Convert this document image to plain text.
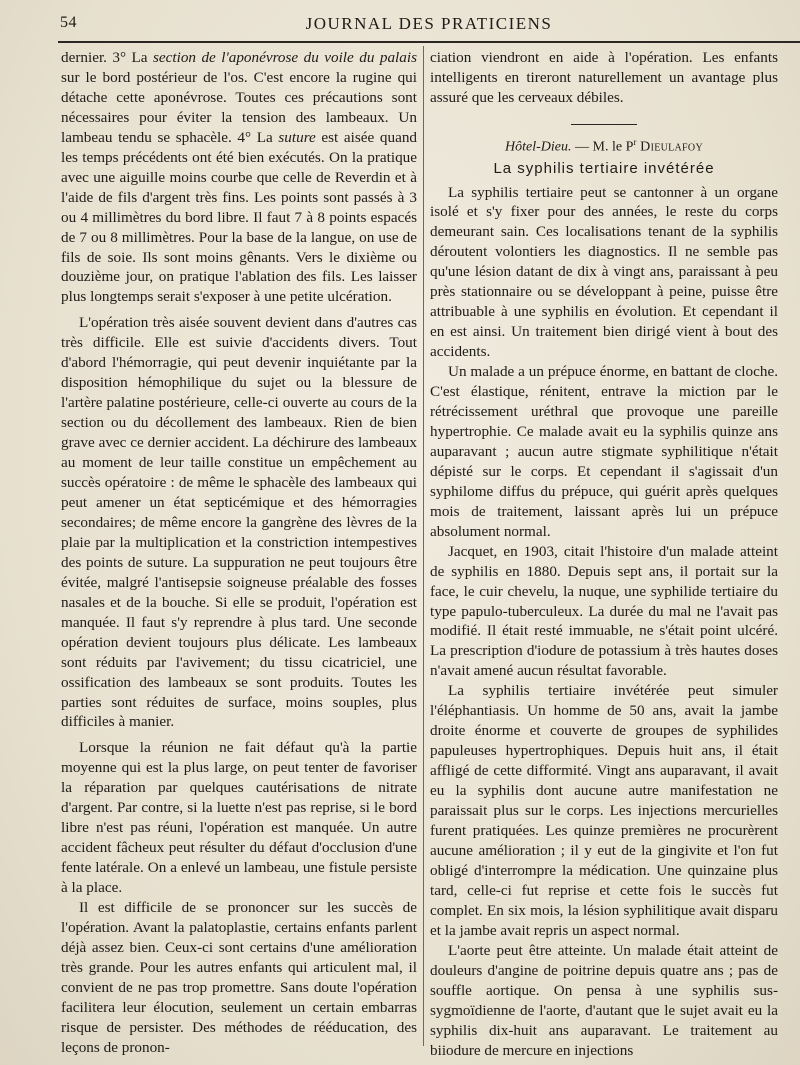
54	JOURNAL DES PRATICIENS

dernier. 3° La section de l'aponévrose du voile du palais sur le bord postérieur de l'os. C'est encore la rugine qui détache cette aponévrose. Toutes ces précautions sont nécessaires pour éviter la tension des lambeaux. Un lambeau tendu se sphacèle. 4° La suture est aisée quand les temps précédents ont été bien exécutés. On la pratique avec une aiguille moins courbe que celle de Reverdin et à l'aide de fils d'argent très fins. Les points sont passés à 3 ou 4 millimètres du bord libre. Il faut 7 à 8 points espacés de 7 ou 8 millimètres. Pour la base de la langue, on use de fils de soie. Ils sont moins gênants. Vers le dixième ou douzième jour, on pratique l'ablation des fils. Les laisser plus longtemps serait s'exposer à une petite ulcération.

L'opération très aisée souvent devient dans d'autres cas très difficile. Elle est suivie d'accidents divers. Tout d'abord l'hémorragie, qui peut devenir inquiétante par la disposition hémophilique du sujet ou la blessure de l'artère palatine postérieure, celle-ci ouverte au cours de la section ou du décollement des lambeaux. Rien de bien grave avec ce dernier accident. La déchirure des lambeaux au moment de leur taille constitue un empêchement au succès opératoire : de même le sphacèle des lambeaux qui peut amener un état septicémique et des hémorragies secondaires; de même encore la gangrène des lèvres de la plaie par la multiplication et la constriction intempestives des points de suture. La suppuration ne peut toujours être évitée, malgré l'antisepsie soigneuse préalable des fosses nasales et de la bouche. Si elle se produit, l'opération est manquée. Il faut s'y reprendre à plus tard. Une seconde opération devient toujours plus délicate. Les lambeaux sont réduits par l'avivement; du tissu cicatriciel, une ossification des lambeaux se sont produits. Toutes les parties sont réduites de surface, moins souples, plus difficiles à manier.

Lorsque la réunion ne fait défaut qu'à la partie moyenne qui est la plus large, on peut tenter de favoriser la réparation par quelques cautérisations de nitrate d'argent. Par contre, si la luette n'est pas reprise, si le bord libre n'est pas réuni, l'opération est manquée. Un autre accident fâcheux peut résulter du défaut d'occlusion d'une fente latérale. On a enlevé un lambeau, une fistule persiste à la place.

Il est difficile de se prononcer sur les succès de l'opération. Avant la palatoplastie, certains enfants parlent déjà assez bien. Ceux-ci sont certains d'une amélioration très grande. Pour les autres enfants qui articulent mal, il convient de ne pas trop promettre. Sans doute l'opération facilitera leur élocution, seulement un certain embarras risque de persister. Des méthodes de rééducation, des leçons de pronon-

ciation viendront en aide à l'opération. Les enfants intelligents en tireront naturellement un avantage plus assuré que les cerveaux débiles.

Hôtel-Dieu. — M. le $P^r$ Dieulafoy
La syphilis tertiaire invétérée

La syphilis tertiaire peut se cantonner à un organe isolé et s'y fixer pour des années, le reste du corps demeurant sain. Ces localisations tenant de la syphilis déroutent volontiers les diagnostics. Il ne semble pas qu'une lésion datant de dix à vingt ans, paraissant à peu près stationnaire ou se développant à peine, puisse être attribuable à une syphilis en évolution. Et cependant il en est ainsi. Un traitement bien dirigé vient à bout des accidents.

Un malade a un prépuce énorme, en battant de cloche. C'est élastique, rénitent, entrave la miction par le rétrécissement uréthral que provoque une pareille hypertrophie. Ce malade avait eu la syphilis quinze ans auparavant ; aucun autre stigmate syphilitique n'était dépisté sur le corps. Et cependant il s'agissait d'un syphilome diffus du prépuce, qui guérit après quelques mois de traitement, laissant après lui un prépuce absolument normal.

Jacquet, en 1903, citait l'histoire d'un malade atteint de syphilis en 1880. Depuis sept ans, il portait sur la face, le cuir chevelu, la nuque, une syphilide tertiaire du type papulo-tuberculeux. La durée du mal ne l'avait pas modifié. Il était resté immuable, ne s'était point ulcéré. La prescription d'iodure de potassium à très hautes doses n'avait amené aucun résultat favorable.

La syphilis tertiaire invétérée peut simuler l'éléphantiasis. Un homme de 50 ans, avait la jambe droite énorme et couverte de groupes de syphilides papuleuses hypertrophiques. Depuis huit ans, il était affligé de cette difformité. Vingt ans auparavant, il avait eu la syphilis dont aucune autre manifestation ne paraissait plus sur le corps. Les injections mercurielles furent pratiquées. Les quinze premières ne procurèrent aucune amélioration ; il y eut de la gingivite et l'on fut obligé d'interrompre la médication. Une quinzaine plus tard, celle-ci fut reprise et cette fois le succès fut complet. En six mois, la lésion syphilitique avait disparu et la jambe avait repris un aspect normal.

L'aorte peut être atteinte. Un malade était atteint de douleurs d'angine de poitrine depuis quatre ans ; pas de souffle aortique. On pensa à une syphilis sus-sygmoïdienne de l'aorte, d'autant que le sujet avait eu la syphilis dix-huit ans auparavant. Le traitement au biiodure de mercure en injections
